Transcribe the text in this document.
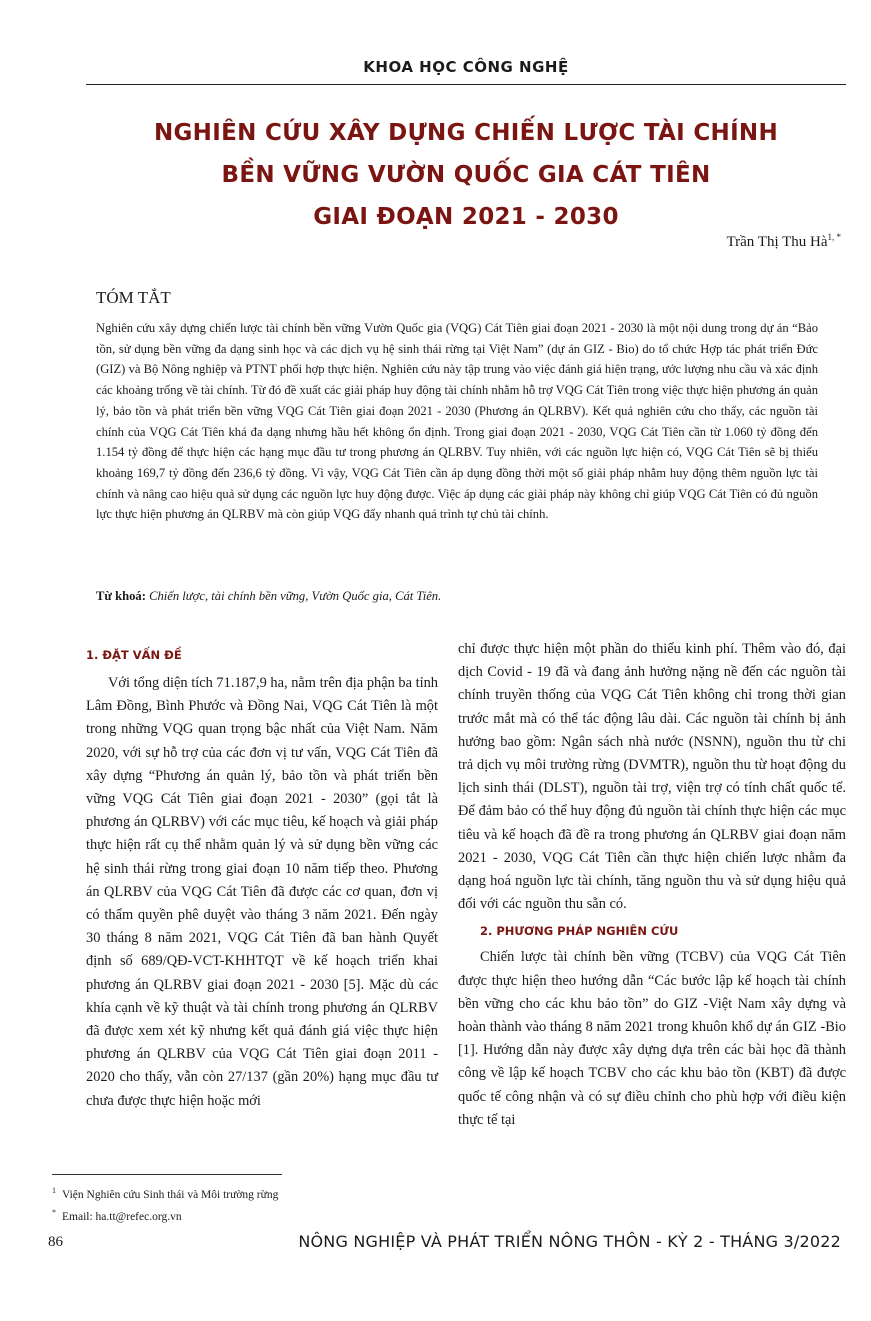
KHOA HỌC CÔNG NGHỆ
NGHIÊN CỨU XÂY DỰNG CHIẾN LƯỢC TÀI CHÍNH
BỀN VỮNG VƯỜN QUỐC GIA CÁT TIÊN
GIAI ĐOẠN 2021 - 2030
Trần Thị Thu $Hà^{1, *}$
TÓM TẮT
Nghiên cứu xây dựng chiến lược tài chính bền vững Vườn Quốc gia (VQG) Cát Tiên giai đoạn 2021 - 2030 là một nội dung trong dự án “Bảo tồn, sử dụng bền vững đa dạng sinh học và các dịch vụ hệ sinh thái rừng tại Việt Nam” (dự án GIZ - Bio) do tổ chức Hợp tác phát triển Đức (GIZ) và Bộ Nông nghiệp và PTNT phối hợp thực hiện. Nghiên cứu này tập trung vào việc đánh giá hiện trạng, ước lượng nhu cầu và xác định các khoảng trống về tài chính. Từ đó đề xuất các giải pháp huy động tài chính nhằm hỗ trợ VQG Cát Tiên trong việc thực hiện phương án quản lý, bảo tồn và phát triển bền vững VQG Cát Tiên giai đoạn 2021 - 2030 (Phương án QLRBV). Kết quả nghiên cứu cho thấy, các nguồn tài chính của VQG Cát Tiên khá đa dạng nhưng hầu hết không ổn định. Trong giai đoạn 2021 - 2030, VQG Cát Tiên cần từ 1.060 tỷ đồng đến 1.154 tỷ đồng để thực hiện các hạng mục đầu tư trong phương án QLRBV. Tuy nhiên, với các nguồn lực hiện có, VQG Cát Tiên sẽ bị thiếu khoảng 169,7 tỷ đồng đến 236,6 tỷ đồng. Vì vậy, VQG Cát Tiên cần áp dụng đồng thời một số giải pháp nhằm huy động thêm nguồn lực tài chính và nâng cao hiệu quả sử dụng các nguồn lực huy động được. Việc áp dụng các giải pháp này không chỉ giúp VQG Cát Tiên có đủ nguồn lực thực hiện phương án QLRBV mà còn giúp VQG đẩy nhanh quá trình tự chủ tài chính.
Từ khoá: Chiến lược, tài chính bền vững, Vườn Quốc gia, Cát Tiên.
1. ĐẶT VẤN ĐỀ

Với tổng diện tích 71.187,9 ha, nằm trên địa phận ba tỉnh Lâm Đồng, Bình Phước và Đồng Nai, VQG Cát Tiên là một trong những VQG quan trọng bậc nhất của Việt Nam. Năm 2020, với sự hỗ trợ của các đơn vị tư vấn, VQG Cát Tiên đã xây dựng “Phương án quản lý, bảo tồn và phát triển bền vững VQG Cát Tiên giai đoạn 2021 - 2030” (gọi tắt là phương án QLRBV) với các mục tiêu, kế hoạch và giải pháp thực hiện rất cụ thể nhằm quản lý và sử dụng bền vững các hệ sinh thái rừng trong giai đoạn 10 năm tiếp theo. Phương án QLRBV của VQG Cát Tiên đã được các cơ quan, đơn vị có thẩm quyền phê duyệt vào tháng 3 năm 2021. Đến ngày 30 tháng 8 năm 2021, VQG Cát Tiên đã ban hành Quyết định số 689/QĐ-VCT-KHHTQT về kế hoạch triển khai phương án QLRBV giai đoạn 2021 - 2030 [5]. Mặc dù các khía cạnh về kỹ thuật và tài chính trong phương án QLRBV đã được xem xét kỹ nhưng kết quả đánh giá việc thực hiện phương án QLRBV của VQG Cát Tiên giai đoạn 2011 - 2020 cho thấy, vẫn còn 27/137 (gần 20%) hạng mục đầu tư chưa được thực hiện hoặc mới

chỉ được thực hiện một phần do thiếu kinh phí. Thêm vào đó, đại dịch Covid - 19 đã và đang ảnh hưởng nặng nề đến các nguồn tài chính truyền thống của VQG Cát Tiên không chỉ trong thời gian trước mắt mà có thể tác động lâu dài. Các nguồn tài chính bị ảnh hưởng bao gồm: Ngân sách nhà nước (NSNN), nguồn thu từ chi trả dịch vụ môi trường rừng (DVMTR), nguồn thu từ hoạt động du lịch sinh thái (DLST), nguồn tài trợ, viện trợ có tính chất quốc tế. Để đảm bảo có thể huy động đủ nguồn tài chính thực hiện các mục tiêu và kế hoạch đã đề ra trong phương án QLRBV giai đoạn năm 2021 - 2030, VQG Cát Tiên cần thực hiện chiến lược nhằm đa dạng hoá nguồn lực tài chính, tăng nguồn thu và sử dụng hiệu quả đối với các nguồn thu sẵn có.

2. PHƯƠNG PHÁP NGHIÊN CỨU

Chiến lược tài chính bền vững (TCBV) của VQG Cát Tiên được thực hiện theo hướng dẫn “Các bước lập kế hoạch tài chính bền vững cho các khu bảo tồn” do GIZ -Việt Nam xây dựng và hoàn thành vào tháng 8 năm 2021 trong khuôn khổ dự án GIZ -Bio [1]. Hướng dẫn này được xây dựng dựa trên các bài học đã thành công về lập kế hoạch TCBV cho các khu bảo tồn (KBT) đã được quốc tế công nhận và có sự điều chỉnh cho phù hợp với điều kiện thực tế tại

$^1$ Viện Nghiên cứu Sinh thái và Môi trường rừng
* Email: ha.tt@refec.org.vn
86	NÔNG NGHIỆP VÀ PHÁT TRIỂN NÔNG THÔN - KỲ 2 - THÁNG 3/2022
